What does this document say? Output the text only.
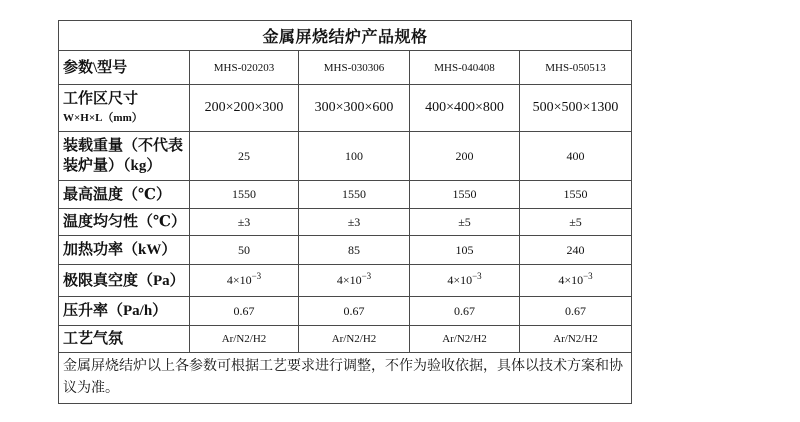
金属屏烧结炉产品规格				
参数\型号	MHS-020203	MHS-030306	MHS-040408	MHS-050513

工作区尺寸
W×H×L（mm）	200×200×300	300×300×600	400×400×800	500×500×1300

装载重量（不代表
装炉量）（kg）	25	100	200	400
最高温度（℃）	1550	1550	1550	1550
温度均匀性（℃）	±3	±3	±5	±5
加热功率（kW）	50	85	105	240
极限真空度（Pa）	$4\times 10^{-3}$	$4\times 10^{-3}$	$4\times 10^{-3}$	$4\times 10^{-3}$
压升率（Pa/h）	0.67	0.67	0.67	0.67
工艺气氛	Ar/N2/H2	Ar/N2/H2	Ar/N2/H2	Ar/N2/H2
金属屏烧结炉以上各参数可根据工艺要求进行调整，不作为验收依据，具体以技术方案和协议为准。				
